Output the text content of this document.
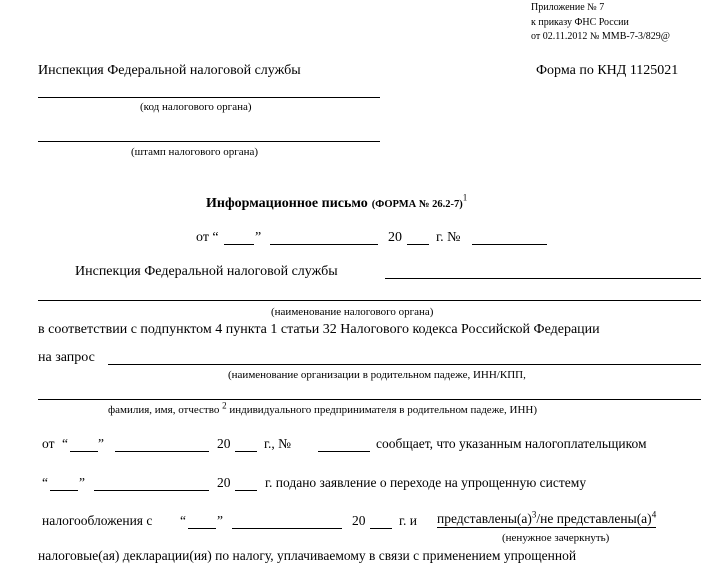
Приложение № 7
к приказу ФНС России
от 02.11.2012 № ММВ-7-3/829@
Инспекция Федеральной налоговой службы	Форма по КНД 1125021
(код налогового органа)
(штамп налогового органа)
Информационное письмо (ФОРМА № 26.2-7)$^1$
от “	”	20 г. №
Инспекция Федеральной налоговой службы
(наименование налогового органа)
в соответствии с подпунктом 4 пункта 1 статьи 32 Налогового кодекса Российской Федерации
на запрос
(наименование организации в родительном падеже, ИНН/КПП,
фамилия, имя, отчество $^2$ индивидуального предпринимателя в родительном падеже, ИНН)
от “ ”	20 г., №	сообщает, что указанным налогоплательщиком
“ ”	20	г. подано заявление о переходе на упрощенную систему
налогообложения с “ ”	20 г. и $представлены(а)^3/не$ $представлены(а)^4$
(ненужное зачеркнуть)
налоговые(ая) декларации(ия) по налогу, уплачиваемому в связи с применением упрощенной
